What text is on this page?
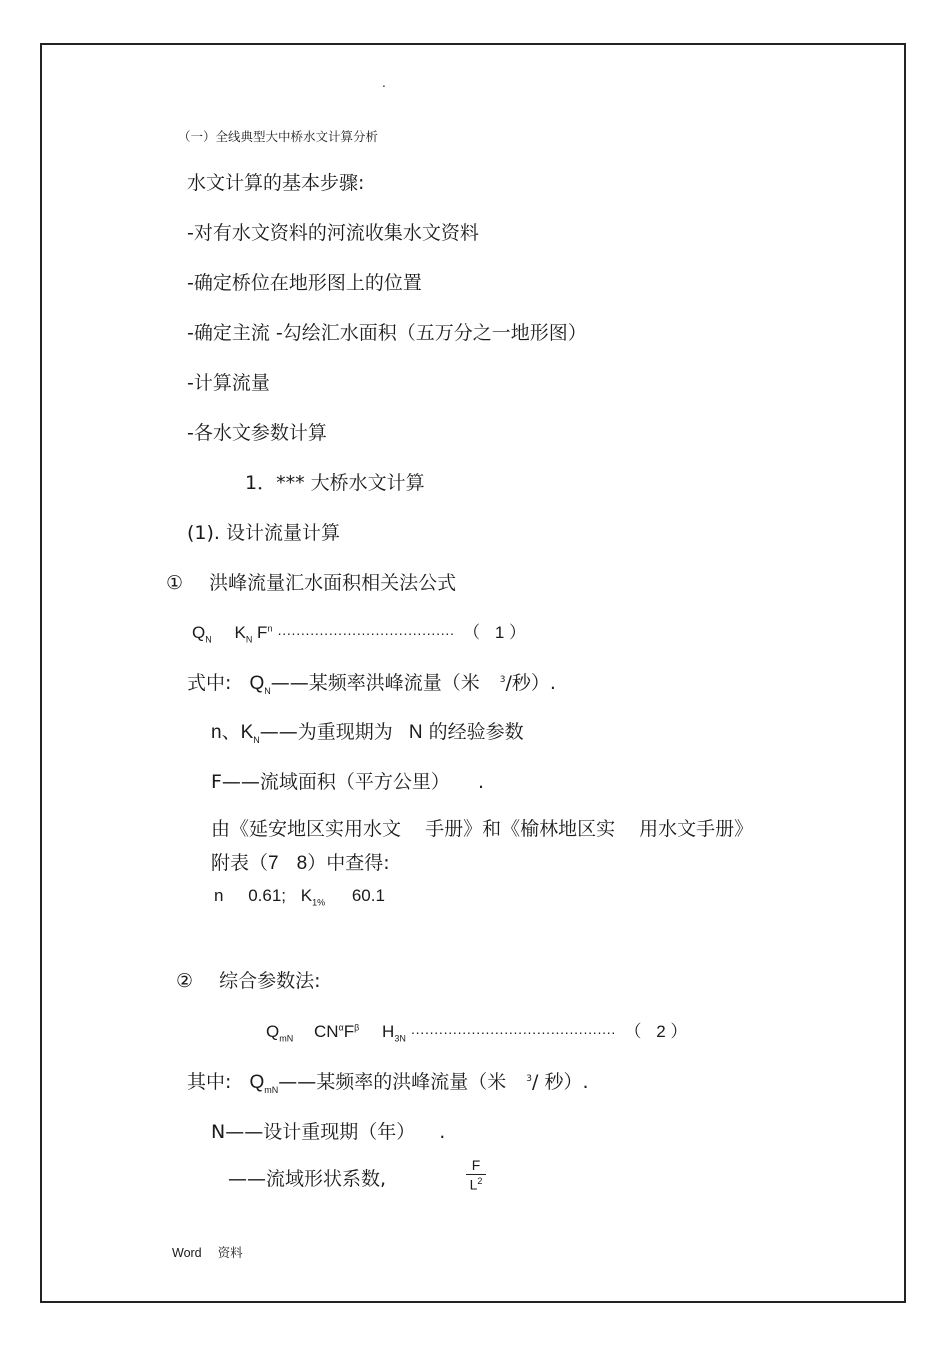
.
（一）全线典型大中桥水文计算分析
水文计算的基本步骤:
-对有水文资料的河流收集水文资料
-确定桥位在地形图上的位置
-确定主流 -勾绘汇水面积（五万分之一地形图）
-计算流量
-各水文参数计算
1．*** 大桥水文计算
(1). 设计流量计算
① 洪峰流量汇水面积相关法公式
$Q_N$ $K_N$ $F^n$ ······································ （ 1 ）
式中: $Q_N——$某频率洪峰流量（米 $^3$/秒）.
n、$K_N——$为重现期为 N 的经验参数
F——流域面积（平方公里） .
由《延安地区实用水文 手册》和《榆林地区实 用水文手册》
附表（7 8）中查得:
n 0.61; $K_{1\%}$ 60.1
② 综合参数法:
$Q_{mN}$ $CN^\alpha F^\beta$ $H_{3N}$ ············································ （ 2 ）
其中: $Q_{mN}——$某频率的洪峰流量（米 $^3$/ 秒）.
N——设计重现期（年） .
——流域形状系数,	$\frac{F}{L^2}$
Word 资料
